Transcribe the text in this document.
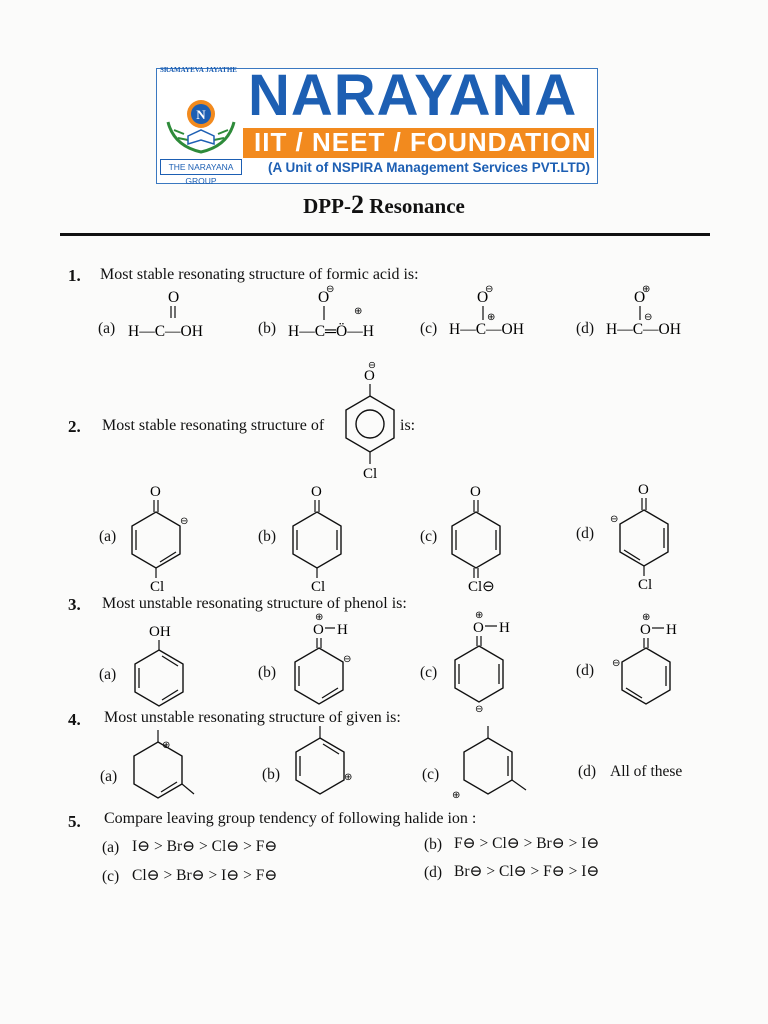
SRAMAYEVA JAYATHE
N
THE NARAYANA GROUP
NARAYANA
IIT / NEET / FOUNDATION
(A Unit of NSPIRA Management Services PVT.LTD)
DPP-2 Resonance
1. Most stable resonating structure of formic acid is:
(a)
O
H—C—OH	(b)
O
⊖
⊕
H—C═Ö—H	(c)
O
⊖
⊕
H—C—OH	(d)
O
⊕
⊖
H—C—OH
2. Most stable resonating structure of
O
⊖
Cl
is:
(a)
O
⊖
Cl
(b)
O
Cl
(c)
O
Cl⊖
(d)
O
⊖
Cl
3. Most unstable resonating structure of phenol is:
(a)
OH
(b)
⊕
O H
⊖
(c)
⊕
O H
⊖
(d)
⊕
O H
⊖
4. Most unstable resonating structure of given is:
(a)
⊕
(b)	⊕	(c)
⊕
(d) All of these
5. Compare leaving group tendency of following halide ion :
(a) I⊖ > Br⊖ > Cl⊖ > F⊖	(b) F⊖ > Cl⊖ > Br⊖ > I⊖
(c) Cl⊖ > Br⊖ > I⊖ > F⊖	(d) Br⊖ > Cl⊖ > F⊖ > I⊖
